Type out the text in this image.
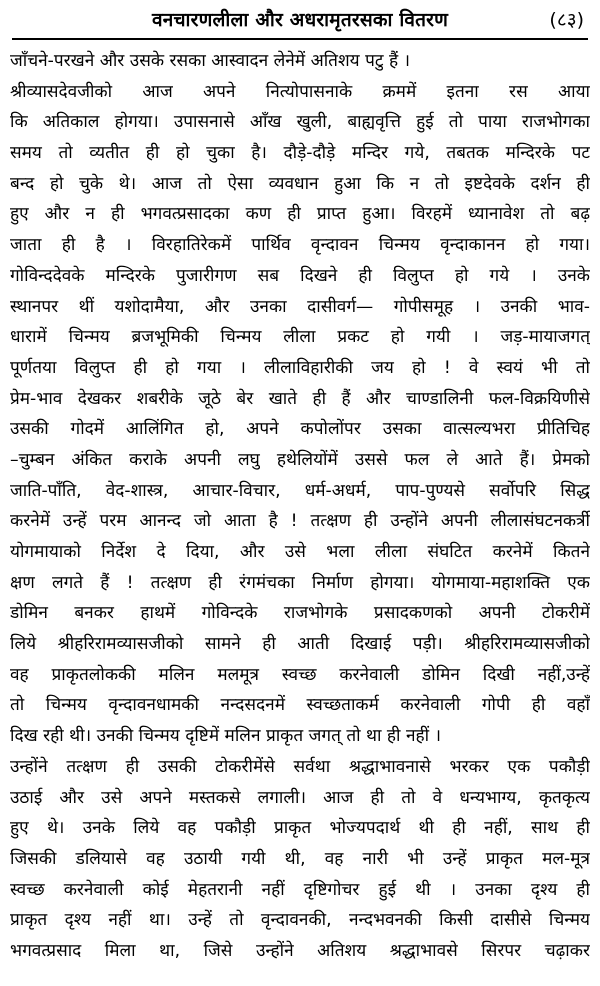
वनचारणलीला और अधरामृतरसका वितरण	(८३)
जाँचने-परखने और उसके रसका आस्वादन लेनेमें अतिशय पटु हैं ।
श्रीव्यासदेवजीको आज अपने नित्योपासनाके क्रममें इतना रस आया
कि अतिकाल होगया। उपासनासे आँख खुली, बाह्यवृत्ति हुई तो पाया राजभोगका
समय तो व्यतीत ही हो चुका है। दौड़े-दौड़े मन्दिर गये, तबतक मन्दिरके पट
बन्द हो चुके थे। आज तो ऐसा व्यवधान हुआ कि न तो इष्टदेवके दर्शन ही
हुए और न ही भगवत्प्रसादका कण ही प्राप्त हुआ। विरहमें ध्यानावेश तो बढ़
जाता ही है । विरहातिरेकमें पार्थिव वृन्दावन चिन्मय वृन्दाकानन हो गया।
गोविन्ददेवके मन्दिरके पुजारीगण सब दिखने ही विलुप्त हो गये । उनके
स्थानपर थीं यशोदामैया, और उनका दासीवर्ग— गोपीसमूह । उनकी भाव-
धारामें चिन्मय ब्रजभूमिकी चिन्मय लीला प्रकट हो गयी । जड़-मायाजगत्
पूर्णतया विलुप्त ही हो गया । लीलाविहारीकी जय हो ! वे स्वयं भी तो
प्रेम-भाव देखकर शबरीके जूठे बेर खाते ही हैं और चाण्डालिनी फल-विक्रयिणीसे
उसकी गोदमें आलिंगित हो, अपने कपोलोंपर उसका वात्सल्यभरा प्रीतिचिह
–चुम्बन अंकित कराके अपनी लघु हथेलियोंमें उससे फल ले आते हैं। प्रेमको
जाति-पाँति, वेद-शास्त्र, आचार-विचार, धर्म-अधर्म, पाप-पुण्यसे सर्वोपरि सिद्ध
करनेमें उन्हें परम आनन्द जो आता है ! तत्क्षण ही उन्होंने अपनी लीलासंघटनकर्त्री
योगमायाको निर्देश दे दिया, और उसे भला लीला संघटित करनेमें कितने
क्षण लगते हैं ! तत्क्षण ही रंगमंचका निर्माण होगया। योगमाया-महाशक्ति एक
डोमिन बनकर हाथमें गोविन्दके राजभोगके प्रसादकणको अपनी टोकरीमें
लिये श्रीहरिरामव्यासजीको सामने ही आती दिखाई पड़ी। श्रीहरिरामव्यासजीको
वह प्राकृतलोककी मलिन मलमूत्र स्वच्छ करनेवाली डोमिन दिखी नहीं,उन्हें
तो चिन्मय वृन्दावनधामकी नन्दसदनमें स्वच्छताकर्म करनेवाली गोपी ही वहाँ
दिख रही थी। उनकी चिन्मय दृष्टिमें मलिन प्राकृत जगत् तो था ही नहीं ।
उन्होंने तत्क्षण ही उसकी टोकरीमेंसे सर्वथा श्रद्धाभावनासे भरकर एक पकौड़ी
उठाई और उसे अपने मस्तकसे लगाली। आज ही तो वे धन्यभाग्य, कृतकृत्य
हुए थे। उनके लिये वह पकौड़ी प्राकृत भोज्यपदार्थ थी ही नहीं, साथ ही
जिसकी डलियासे वह उठायी गयी थी, वह नारी भी उन्हें प्राकृत मल-मूत्र
स्वच्छ करनेवाली कोई मेहतरानी नहीं दृष्टिगोचर हुई थी । उनका दृश्य ही
प्राकृत दृश्य नहीं था। उन्हें तो वृन्दावनकी, नन्दभवनकी किसी दासीसे चिन्मय
भगवत्प्रसाद मिला था, जिसे उन्होंने अतिशय श्रद्धाभावसे सिरपर चढ़ाकर
